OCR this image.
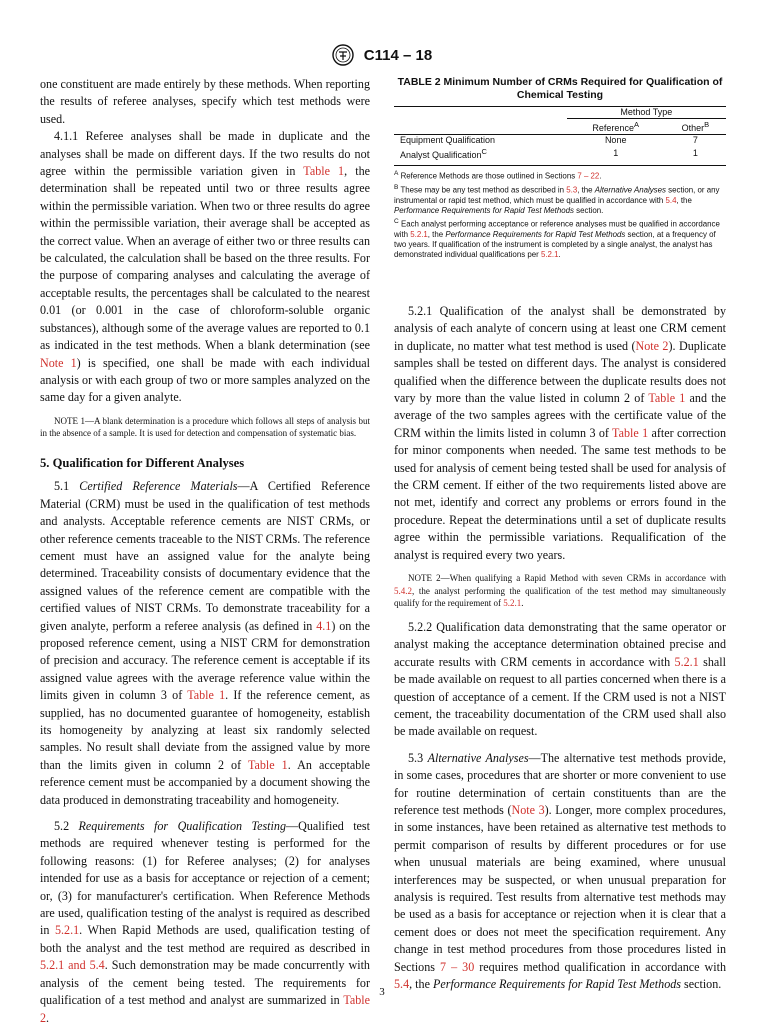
C114 – 18

one constituent are made entirely by these methods. When reporting the results of referee analyses, specify which test methods were used.

4.1.1 Referee analyses shall be made in duplicate and the analyses shall be made on different days. If the two results do not agree within the permissible variation given in Table 1, the determination shall be repeated until two or three results agree within the permissible variation. When two or three results do agree within the permissible variation, their average shall be accepted as the correct value. When an average of either two or three results can be calculated, the calculation shall be based on the three results. For the purpose of comparing analyses and calculating the average of acceptable results, the percentages shall be calculated to the nearest 0.01 (or 0.001 in the case of chloroform-soluble organic substances), although some of the average values are reported to 0.1 as indicated in the test methods. When a blank determination (see Note 1) is specified, one shall be made with each individual analysis or with each group of two or more samples analyzed on the same day for a given analyte.

NOTE 1—A blank determination is a procedure which follows all steps of analysis but in the absence of a sample. It is used for detection and compensation of systematic bias.

5. Qualification for Different Analyses

5.1 Certified Reference Materials—A Certified Reference Material (CRM) must be used in the qualification of test methods and analysts. Acceptable reference cements are NIST CRMs, or other reference cements traceable to the NIST CRMs. The reference cement must have an assigned value for the analyte being determined. Traceability consists of documentary evidence that the assigned values of the reference cement are compatible with the certified values of NIST CRMs. To demonstrate traceability for a given analyte, perform a referee analysis (as defined in 4.1) on the proposed reference cement, using a NIST CRM for demonstration of precision and accuracy. The reference cement is acceptable if its assigned value agrees with the average reference value within the limits given in column 3 of Table 1. If the reference cement, as supplied, has no documented guarantee of homogeneity, establish its homogeneity by analyzing at least six randomly selected samples. No result shall deviate from the assigned value by more than the limits given in column 2 of Table 1. An acceptable reference cement must be accompanied by a document showing the data produced in demonstrating traceability and homogeneity.

5.2 Requirements for Qualification Testing—Qualified test methods are required whenever testing is performed for the following reasons: (1) for Referee analyses; (2) for analyses intended for use as a basis for acceptance or rejection of a cement; or, (3) for manufacturer's certification. When Reference Methods are used, qualification testing of the analyst is required as described in 5.2.1. When Rapid Methods are used, qualification testing of both the analyst and the test method are required as described in 5.2.1 and 5.4. Such demonstration may be made concurrently with analysis of the cement being tested. The requirements for qualification of a test method and analyst are summarized in Table 2.

TABLE 2 Minimum Number of CRMs Required for Qualification of Chemical Testing
	Method Type	
	Reference$^A$	Other$^B$
Equipment Qualification	None	7
Analyst Qualification$^C$	1	1

$^A$ Reference Methods are those outlined in Sections 7 – 22.

$^B$ These may be any test method as described in 5.3, the Alternative Analyses section, or any instrumental or rapid test method, which must be qualified in accordance with 5.4, the Performance Requirements for Rapid Test Methods section.

$^C$ Each analyst performing acceptance or reference analyses must be qualified in accordance with 5.2.1, the Performance Requirements for Rapid Test Methods section, at a frequency of two years. If qualification of the instrument is completed by a single analyst, the analyst has demonstrated individual qualifications per 5.2.1.

5.2.1 Qualification of the analyst shall be demonstrated by analysis of each analyte of concern using at least one CRM cement in duplicate, no matter what test method is used (Note 2). Duplicate samples shall be tested on different days. The analyst is considered qualified when the difference between the duplicate results does not vary by more than the value listed in column 2 of Table 1 and the average of the two samples agrees with the certificate value of the CRM within the limits listed in column 3 of Table 1 after correction for minor components when needed. The same test methods to be used for analysis of cement being tested shall be used for analysis of the CRM cement. If either of the two requirements listed above are not met, identify and correct any problems or errors found in the procedure. Repeat the determinations until a set of duplicate results agree within the permissible variations. Requalification of the analyst is required every two years.

NOTE 2—When qualifying a Rapid Method with seven CRMs in accordance with 5.4.2, the analyst performing the qualification of the test method may simultaneously qualify for the requirement of 5.2.1.

5.2.2 Qualification data demonstrating that the same operator or analyst making the acceptance determination obtained precise and accurate results with CRM cements in accordance with 5.2.1 shall be made available on request to all parties concerned when there is a question of acceptance of a cement. If the CRM used is not a NIST cement, the traceability documentation of the CRM used shall also be made available on request.

5.3 Alternative Analyses—The alternative test methods provide, in some cases, procedures that are shorter or more convenient to use for routine determination of certain constituents than are the reference test methods (Note 3). Longer, more complex procedures, in some instances, have been retained as alternative test methods to permit comparison of results by different procedures or for use when unusual materials are being examined, where unusual interferences may be suspected, or when unusual preparation for analysis is required. Test results from alternative test methods may be used as a basis for acceptance or rejection when it is clear that a cement does or does not meet the specification requirement. Any change in test method procedures from those procedures listed in Sections 7 – 30 requires method qualification in accordance with 5.4, the Performance Requirements for Rapid Test Methods section.

3
